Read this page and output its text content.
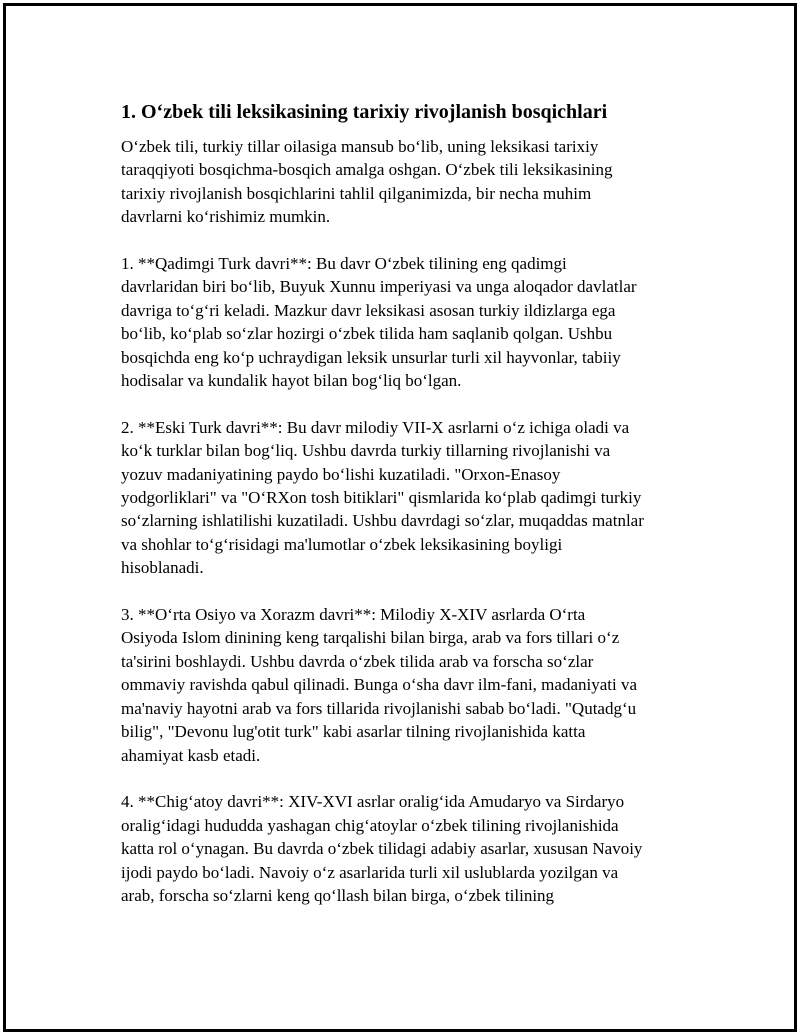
1. O‘zbek tili leksikasining tarixiy rivojlanish bosqichlari
O‘zbek tili, turkiy tillar oilasiga mansub bo‘lib, uning leksikasi tarixiy
taraqqiyoti bosqichma-bosqich amalga oshgan. O‘zbek tili leksikasining
tarixiy rivojlanish bosqichlarini tahlil qilganimizda, bir necha muhim
davrlarni ko‘rishimiz mumkin.
1. **Qadimgi Turk davri**: Bu davr O‘zbek tilining eng qadimgi
davrlaridan biri bo‘lib, Buyuk Xunnu imperiyasi va unga aloqador davlatlar
davriga to‘g‘ri keladi. Mazkur davr leksikasi asosan turkiy ildizlarga ega
bo‘lib, ko‘plab so‘zlar hozirgi o‘zbek tilida ham saqlanib qolgan. Ushbu
bosqichda eng ko‘p uchraydigan leksik unsurlar turli xil hayvonlar, tabiiy
hodisalar va kundalik hayot bilan bog‘liq bo‘lgan.
2. **Eski Turk davri**: Bu davr milodiy VII-X asrlarni o‘z ichiga oladi va
ko‘k turklar bilan bog‘liq. Ushbu davrda turkiy tillarning rivojlanishi va
yozuv madaniyatining paydo bo‘lishi kuzatiladi. "Orxon-Enasoy
yodgorliklari" va "O‘RXon tosh bitiklari" qismlarida ko‘plab qadimgi turkiy
so‘zlarning ishlatilishi kuzatiladi. Ushbu davrdagi so‘zlar, muqaddas matnlar
va shohlar to‘g‘risidagi ma'lumotlar o‘zbek leksikasining boyligi
hisoblanadi.
3. **O‘rta Osiyo va Xorazm davri**: Milodiy X-XIV asrlarda O‘rta
Osiyoda Islom dinining keng tarqalishi bilan birga, arab va fors tillari o‘z
ta'sirini boshlaydi. Ushbu davrda o‘zbek tilida arab va forscha so‘zlar
ommaviy ravishda qabul qilinadi. Bunga o‘sha davr ilm-fani, madaniyati va
ma'naviy hayotni arab va fors tillarida rivojlanishi sabab bo‘ladi. "Qutadg‘u
bilig", "Devonu lug'otit turk" kabi asarlar tilning rivojlanishida katta
ahamiyat kasb etadi.
4. **Chig‘atoy davri**: XIV-XVI asrlar oralig‘ida Amudaryo va Sirdaryo
oralig‘idagi hududda yashagan chig‘atoylar o‘zbek tilining rivojlanishida
katta rol o‘ynagan. Bu davrda o‘zbek tilidagi adabiy asarlar, xususan Navoiy
ijodi paydo bo‘ladi. Navoiy o‘z asarlarida turli xil uslublarda yozilgan va
arab, forscha so‘zlarni keng qo‘llash bilan birga, o‘zbek tilining
